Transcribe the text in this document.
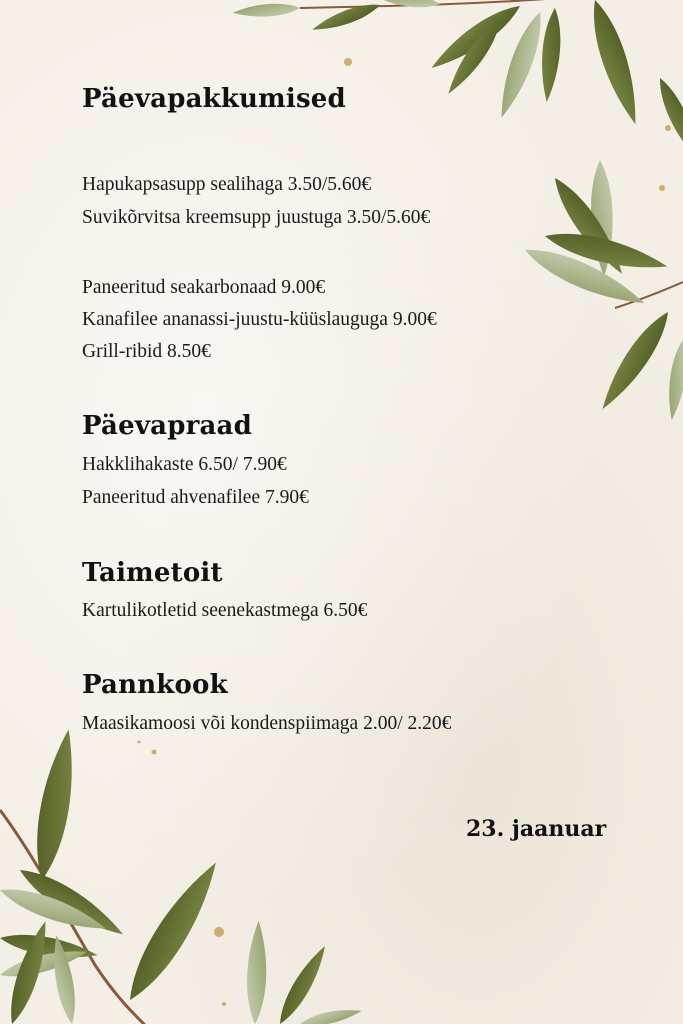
Päevapakkumised
Hapukapsasupp sealihaga 3.50/5.60€
Suvikõrvitsa kreemsupp juustuga 3.50/5.60€
Paneeritud seakarbonaad 9.00€
Kanafilee ananassi-juustu-küüslauguga 9.00€
Grill-ribid 8.50€
Päevapraad
Hakklihakaste 6.50/ 7.90€
Paneeritud ahvenafilee 7.90€
Taimetoit
Kartulikotletid seenekastmega 6.50€
Pannkook
Maasikamoosi või kondenspiimaga 2.00/ 2.20€
23. jaanuar
